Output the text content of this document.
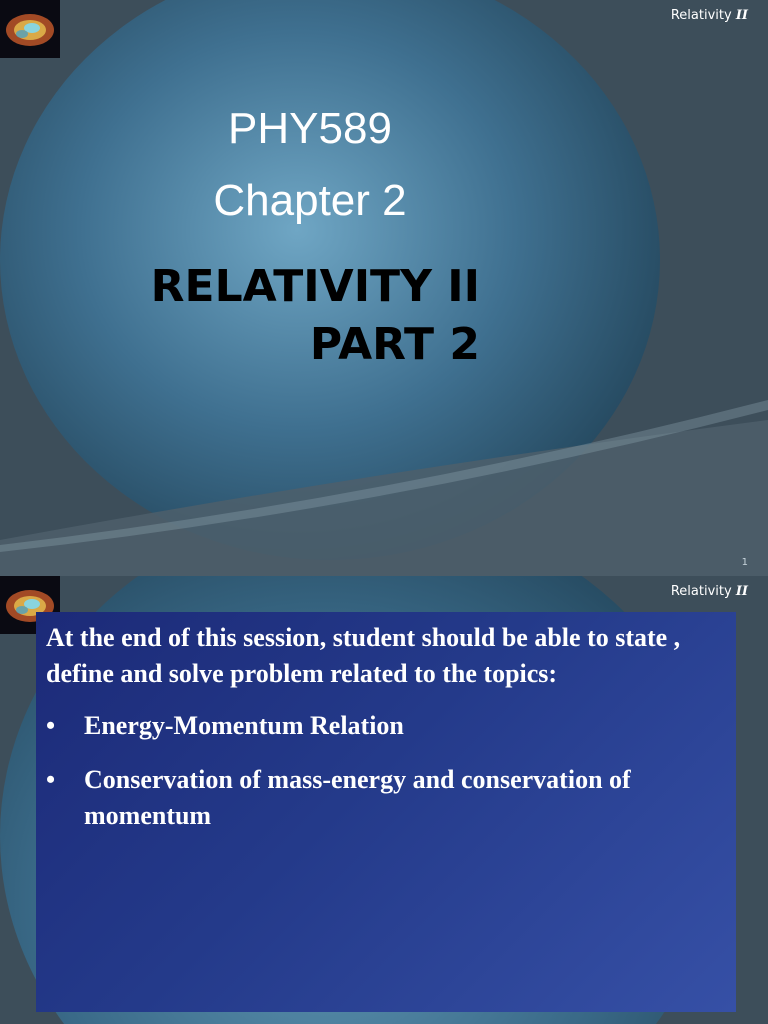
Relativity II
PHY589
Chapter 2
RELATIVITY II
PART 2
1
Relativity II

At the end of this session, student should be able to state , define and solve problem related to the topics:

• Energy-Momentum Relation
• Conservation of mass-energy and conservation of momentum
